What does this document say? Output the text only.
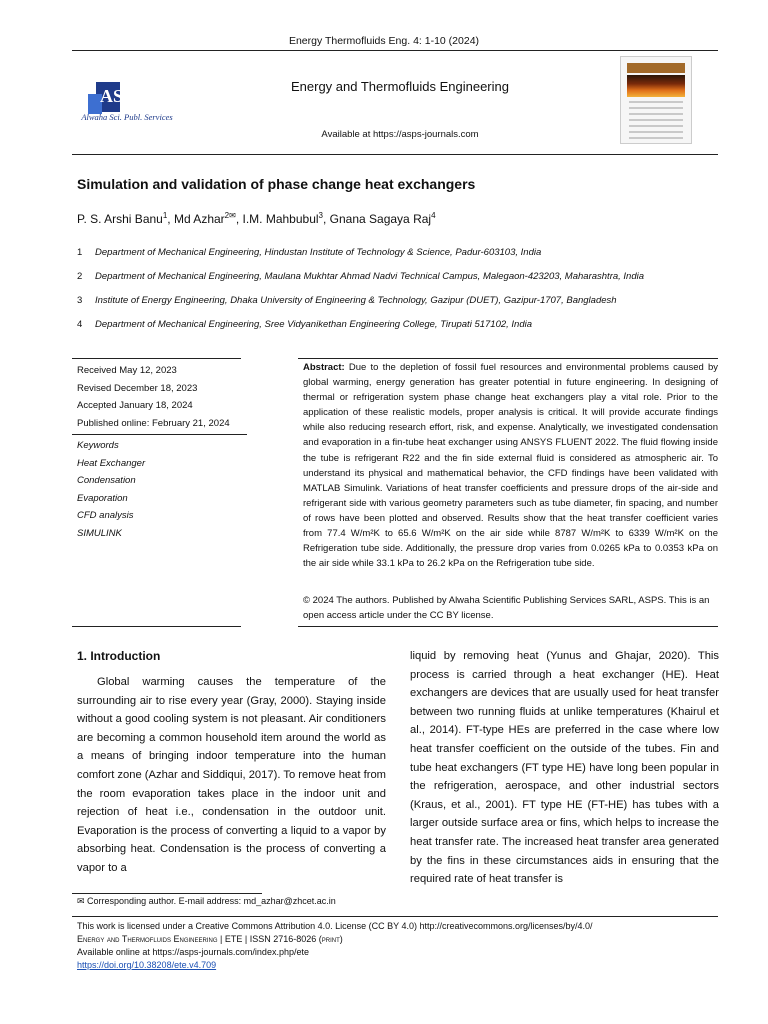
Energy Thermofluids Eng. 4: 1-10 (2024)
ASPS
Alwaha Sci. Publ. Services
Energy and Thermofluids Engineering
Available at https://asps-journals.com
Simulation and validation of phase change heat exchangers
P. S. Arshi Banu$^1$, Md Azhar$^{2✉}$, I.M. Mahbubul$^3$, Gnana Sagaya Raj$^4$
1 Department of Mechanical Engineering, Hindustan Institute of Technology & Science, Padur-603103, India
2 Department of Mechanical Engineering, Maulana Mukhtar Ahmad Nadvi Technical Campus, Malegaon-423203, Maharashtra, India
3 Institute of Energy Engineering, Dhaka University of Engineering & Technology, Gazipur (DUET), Gazipur-1707, Bangladesh
4 Department of Mechanical Engineering, Sree Vidyanikethan Engineering College, Tirupati 517102, India
Received May 12, 2023
Revised December 18, 2023
Accepted January 18, 2024
Published online: February 21, 2024
Keywords
Heat Exchanger
Condensation
Evaporation
CFD analysis
SIMULINK
Abstract: Due to the depletion of fossil fuel resources and environmental problems caused by global warming, energy generation has greater potential in future engineering. In designing of thermal or refrigeration system phase change heat exchangers play a vital role. Prior to the application of these realistic models, proper analysis is critical. It will provide accurate findings while also reducing research effort, risk, and expense. Analytically, we investigated condensation and evaporation in a fin-tube heat exchanger using ANSYS FLUENT 2022. The fluid flowing inside the tube is refrigerant R22 and the fin side external fluid is considered as atmospheric air. To understand its physical and mathematical behavior, the CFD findings have been validated with MATLAB Simulink. Variations of heat transfer coefficients and pressure drops of the air-side and refrigerant side with various geometry parameters such as tube diameter, fin spacing, and number of rows have been plotted and observed. Results show that the heat transfer coefficient varies from 77.4 W/m²K to 65.6 W/m²K on the air side while 8787 W/m²K to 6339 W/m²K on the Refrigeration tube side. Additionally, the pressure drop varies from 0.0265 kPa to 0.0353 kPa on the air side while 33.1 kPa to 26.2 kPa on the Refrigeration tube side.
© 2024 The authors. Published by Alwaha Scientific Publishing Services SARL, ASPS. This is an open access article under the CC BY license.
1. Introduction
Global warming causes the temperature of the surrounding air to rise every year (Gray, 2000). Staying inside without a good cooling system is not pleasant. Air conditioners are becoming a common household item around the world as a means of bringing indoor temperature into the human comfort zone (Azhar and Siddiqui, 2017). To remove heat from the room evaporation takes place in the indoor unit and rejection of heat i.e., condensation in the outdoor unit. Evaporation is the process of converting a liquid to a vapor by absorbing heat. Condensation is the process of converting a vapor to a
liquid by removing heat (Yunus and Ghajar, 2020). This process is carried through a heat exchanger (HE). Heat exchangers are devices that are usually used for heat transfer between two running fluids at unlike temperatures (Khairul et al., 2014). FT-type HEs are preferred in the case where low heat transfer coefficient on the outside of the tubes. Fin and tube heat exchangers (FT type HE) have long been popular in the refrigeration, aerospace, and other industrial sectors (Kraus, et al., 2001). FT type HE (FT-HE) has tubes with a larger outside surface area or fins, which helps to increase the heat transfer rate. The increased heat transfer area generated by the fins in these circumstances aids in ensuring that the required rate of heat transfer is
✉ Corresponding author. E-mail address: md_azhar@zhcet.ac.in
This work is licensed under a Creative Commons Attribution 4.0. License (CC BY 4.0) http://creativecommons.org/licenses/by/4.0/
Energy and Thermofluids Engineering | ETE | ISSN 2716-8026 (print)
Available online at https://asps-journals.com/index.php/ete
https://doi.org/10.38208/ete.v4.709
